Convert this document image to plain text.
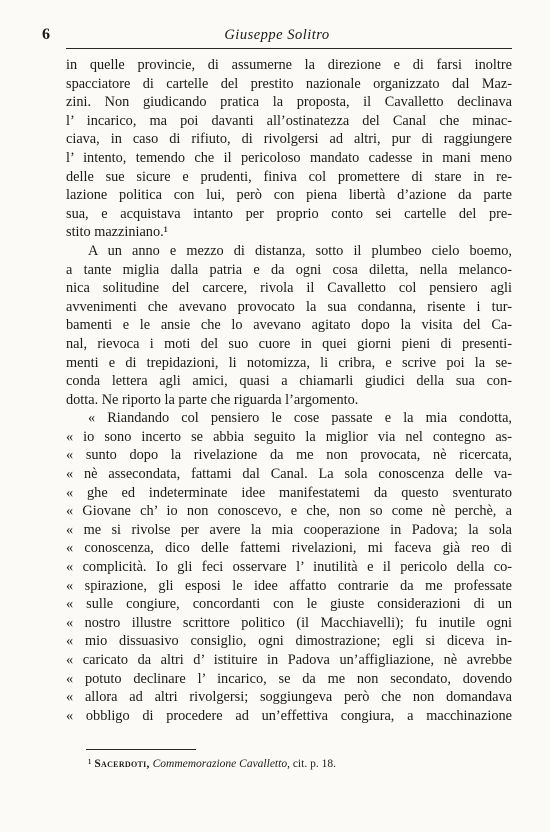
6	Giuseppe Solitro
in quelle provincie, di assumerne la direzione e di farsi inoltre
spacciatore di cartelle del prestito nazionale organizzato dal Maz-
zini. Non giudicando pratica la proposta, il Cavalletto declinava
l’ incarico, ma poi davanti all’ostinatezza del Canal che minac-
ciava, in caso di rifiuto, di rivolgersi ad altri, pur di raggiungere
l’ intento, temendo che il pericoloso mandato cadesse in mani meno
delle sue sicure e prudenti, finiva col promettere di stare in re-
lazione politica con lui, però con piena libertà d’azione da parte
sua, e acquistava intanto per proprio conto sei cartelle del pre-
stito mazziniano.¹
A un anno e mezzo di distanza, sotto il plumbeo cielo boemo,
a tante miglia dalla patria e da ogni cosa diletta, nella melanco-
nica solitudine del carcere, rivola il Cavalletto col pensiero agli
avvenimenti che avevano provocato la sua condanna, risente i tur-
bamenti e le ansie che lo avevano agitato dopo la visita del Ca-
nal, rievoca i moti del suo cuore in quei giorni pieni di presenti-
menti e di trepidazioni, li notomizza, li cribra, e scrive poi la se-
conda lettera agli amici, quasi a chiamarli giudici della sua con-
dotta. Ne riporto la parte che riguarda l’argomento.
« Riandando col pensiero le cose passate e la mia condotta,
« io sono incerto se abbia seguito la miglior via nel contegno as-
« sunto dopo la rivelazione da me non provocata, nè ricercata,
« nè assecondata, fattami dal Canal. La sola conoscenza delle va-
« ghe ed indeterminate idee manifestatemi da questo sventurato
« Giovane ch’ io non conoscevo, e che, non so come nè perchè, a
« me si rivolse per avere la mia cooperazione in Padova; la sola
« conoscenza, dico delle fattemi rivelazioni, mi faceva già reo di
« complicità. Io gli feci osservare l’ inutilità e il pericolo della co-
« spirazione, gli esposi le idee affatto contrarie da me professate
« sulle congiure, concordanti con le giuste considerazioni di un
« nostro illustre scrittore politico (il Macchiavelli); fu inutile ogni
« mio dissuasivo consiglio, ogni dimostrazione; egli si diceva in-
« caricato da altri d’ istituire in Padova un’affigliazione, nè avrebbe
« potuto declinare l’ incarico, se da me non secondato, dovendo
« allora ad altri rivolgersi; soggiungeva però che non domandava
« obbligo di procedere ad un’effettiva congiura, a macchinazione
¹ Sacerdoti, Commemorazione Cavalletto, cit. p. 18.
